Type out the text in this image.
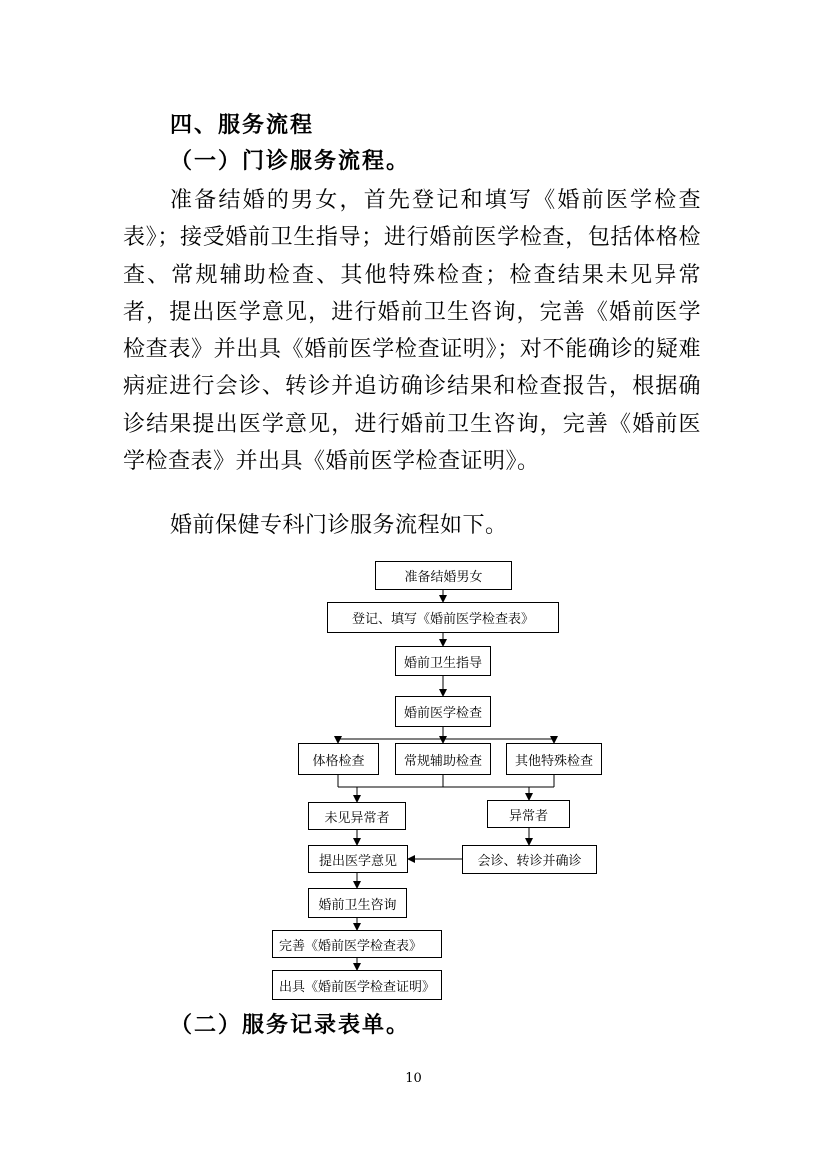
四、服务流程
（一）门诊服务流程。
准备结婚的男女，首先登记和填写《婚前医学检查表》；接受婚前卫生指导；进行婚前医学检查，包括体格检查、常规辅助检查、其他特殊检查；检查结果未见异常者，提出医学意见，进行婚前卫生咨询，完善《婚前医学检查表》并出具《婚前医学检查证明》；对不能确诊的疑难病症进行会诊、转诊并追访确诊结果和检查报告，根据确诊结果提出医学意见，进行婚前卫生咨询，完善《婚前医学检查表》并出具《婚前医学检查证明》。
婚前保健专科门诊服务流程如下。
准备结婚男女
登记、填写《婚前医学检查表》
婚前卫生指导
婚前医学检查
体格检查	常规辅助检查	其他特殊检查
未见异常者	异常者
提出医学意见	会诊、转诊并确诊
婚前卫生咨询
完善《婚前医学检查表》
出具《婚前医学检查证明》
（二）服务记录表单。
10
